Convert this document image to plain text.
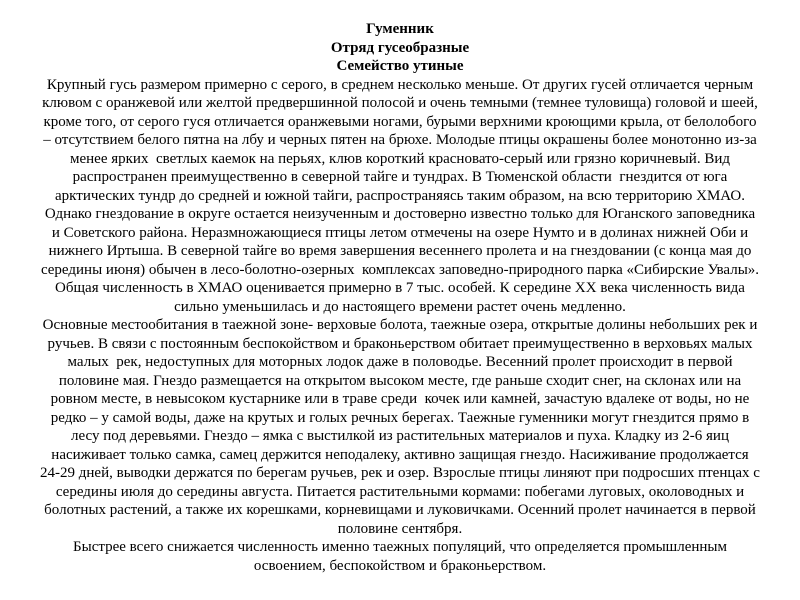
Гуменник
Отряд гусеобразные
Семейство утиные
Крупный гусь размером примерно с серого, в среднем несколько меньше. От других гусей отличается черным
клювом с оранжевой или желтой предвершинной полосой и очень темными (темнее туловища) головой и шеей,
кроме того, от серого гуся отличается оранжевыми ногами, бурыми верхними кроющими крыла, от белолобого
– отсутствием белого пятна на лбу и черных пятен на брюхе. Молодые птицы окрашены более монотонно из-за
менее ярких  светлых каемок на перьях, клюв короткий красновато-серый или грязно коричневый. Вид
распространен преимущественно в северной тайге и тундрах. В Тюменской области  гнездится от юга
арктических тундр до средней и южной тайги, распространяясь таким образом, на всю территорию ХМАО.
Однако гнездование в округе остается неизученным и достоверно известно только для Юганского заповедника
и Советского района. Неразмножающиеся птицы летом отмечены на озере Нумто и в долинах нижней Оби и
нижнего Иртыша. В северной тайге во время завершения весеннего пролета и на гнездовании (с конца мая до
середины июня) обычен в лесо-болотно-озерных  комплексах заповедно-природного парка «Сибирские Увалы».
Общая численность в ХМАО оценивается примерно в 7 тыс. особей. К середине XX века численность вида
сильно уменьшилась и до настоящего времени растет очень медленно.
Основные местообитания в таежной зоне- верховые болота, таежные озера, открытые долины небольших рек и
ручьев. В связи с постоянным беспокойством и браконьерством обитает преимущественно в верховьях малых
малых  рек, недоступных для моторных лодок даже в половодье. Весенний пролет происходит в первой
половине мая. Гнездо размещается на открытом высоком месте, где раньше сходит снег, на склонах или на
ровном месте, в невысоком кустарнике или в траве среди  кочек или камней, зачастую вдалеке от воды, но не
редко – у самой воды, даже на крутых и голых речных берегах. Таежные гуменники могут гнездится прямо в
лесу под деревьями. Гнездо – ямка с выстилкой из растительных материалов и пуха. Кладку из 2-6 яиц
насиживает только самка, самец держится неподалеку, активно защищая гнездо. Насиживание продолжается
24-29 дней, выводки держатся по берегам ручьев, рек и озер. Взрослые птицы линяют при подросших птенцах с
середины июля до середины августа. Питается растительными кормами: побегами луговых, околоводных и
болотных растений, а также их корешками, корневищами и луковичками. Осенний пролет начинается в первой
половине сентября.
Быстрее всего снижается численность именно таежных популяций, что определяется промышленным
освоением, беспокойством и браконьерством.
